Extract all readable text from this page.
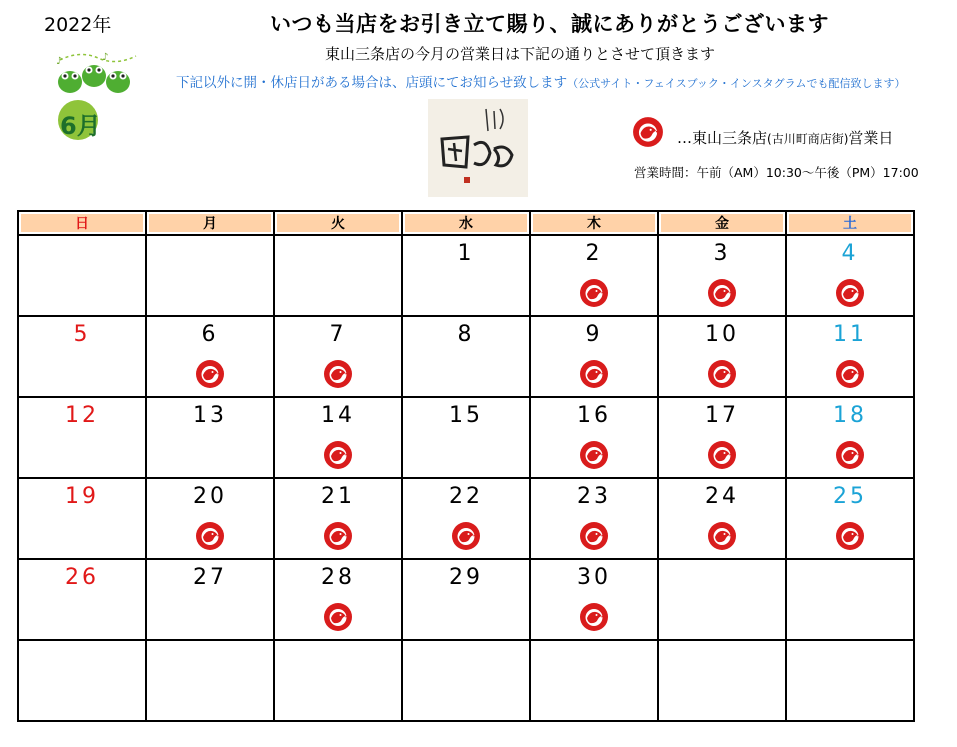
2022年
♪	♪
6月
いつも当店をお引き立て賜り、誠にありがとうございます
東山三条店の今月の営業日は下記の通りとさせて頂きます
下記以外に開・休店日がある場合は、店頭にてお知らせ致します（公式サイト・フェイスブック・インスタグラムでも配信致します）
…東山三条店(古川町商店街)営業日
営業時間：午前（AM）10:30～午後（PM）17:00
日	月	火	水	木	金	土

			1	2	3	4

5	6	7	8	9	10	11

12	13	14	15	16	17	18

19	20	21	22	23	24	25

26	27	28	29	30		
